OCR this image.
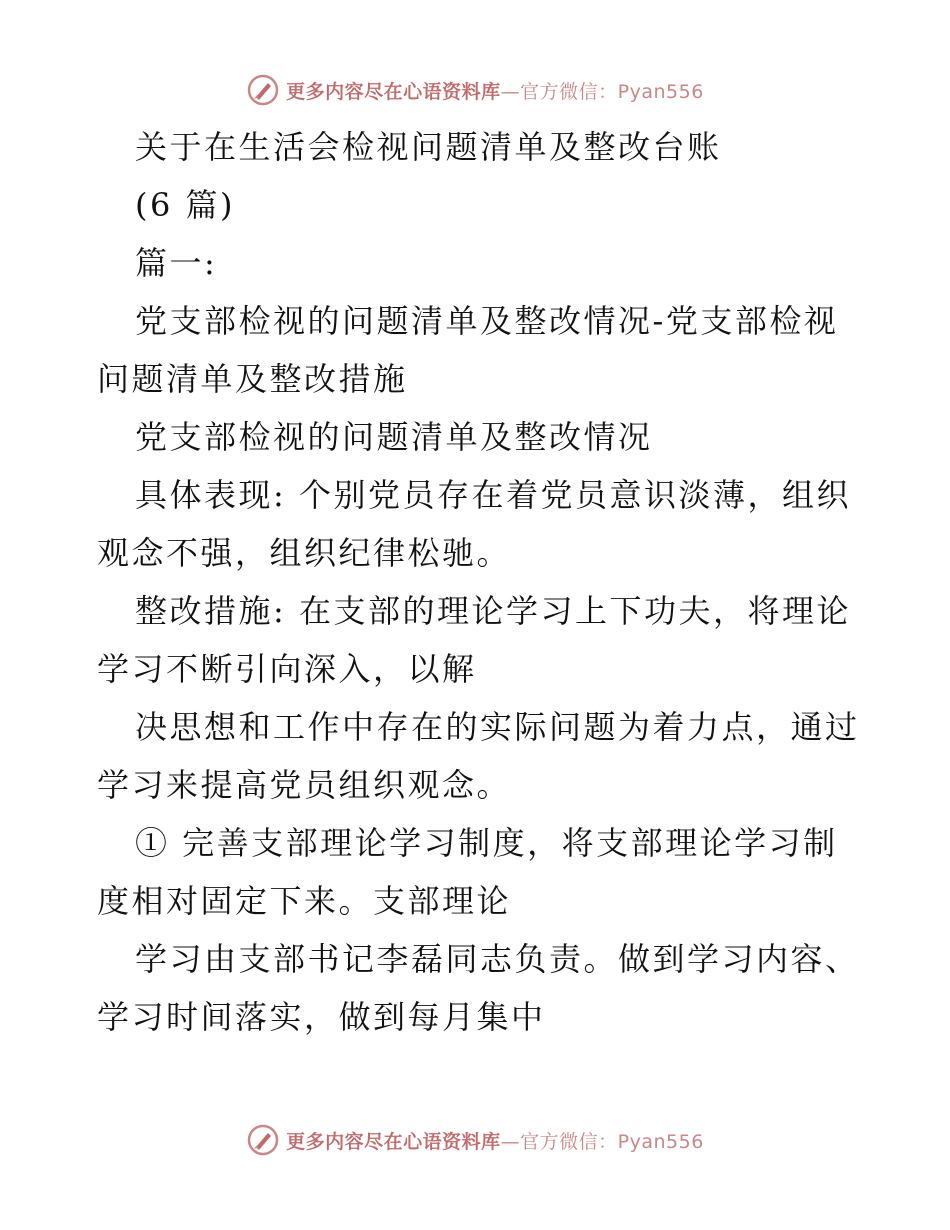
更多内容尽在心语资料库—官方微信：Pyan556
关于在生活会检视问题清单及整改台账
(6 篇)
篇一:
党支部检视的问题清单及整改情况-党支部检视
问题清单及整改措施
党支部检视的问题清单及整改情况
具体表现: 个别党员存在着党员意识淡薄，组织
观念不强，组织纪律松驰。
整改措施: 在支部的理论学习上下功夫，将理论
学习不断引向深入，以解
决思想和工作中存在的实际问题为着力点，通过
学习来提高党员组织观念。
① 完善支部理论学习制度，将支部理论学习制
度相对固定下来。支部理论
学习由支部书记李磊同志负责。做到学习内容、
学习时间落实，做到每月集中
更多内容尽在心语资料库—官方微信：Pyan556
